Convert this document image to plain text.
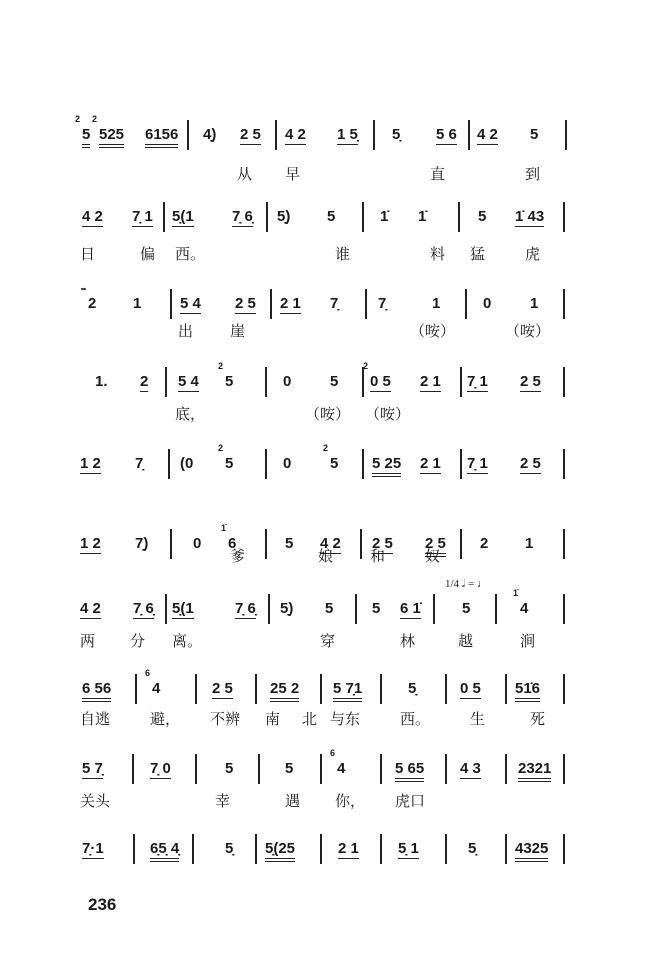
5
2
525
2
6156 4̣) 2 5 4 2 1 5̣ 5̣ 5 6 4 2 5
从 早	直	到
4 2 7̣ 1 5̣(1	7̣ 6̣ 5̣) 5	1̇ 1̇	5 1̇ 43
日	偏 西。	谁	料 猛	虎
2
𝆗
1	5 4 2 5 2 1 7̣	7̣	1	0	1
出 崖	（咹）	（咹）
1. 2 5 4 5
2
0	5 0 5
2
2 1 7̣ 1 2 5
底，	（咹） （咹）
1 2 7̣ (0 5
2
0	5
2
5 25 2 1 7̣ 1 2 5
1 2 7̣)	0 6
1̇
5 4 2 2 5 2 5 2 1
爹	娘 和	奴
4 2 7̣ 6̣ 5̣(1	7̣ 6̣ 5̣) 5	5 6 1̇	5	4
1̇
两 分 离。	穿	林	越	涧
6 56	4
6
2 5 25 2 5 7̣1	5̣	0 5 51̇6
自逃	避， 不辨 南 北 与东	西。	生	死
5 7̣	7̣ 0	5	5	4
6
5 65 4 3 2321
关头	幸	遇 你， 虎口
7̣·1	6̣5̣ 4̣	5̣ 5̣(25	2 1	5̣ 1	5̣	4325
1/4 𝅗𝅥 = ♩
236
